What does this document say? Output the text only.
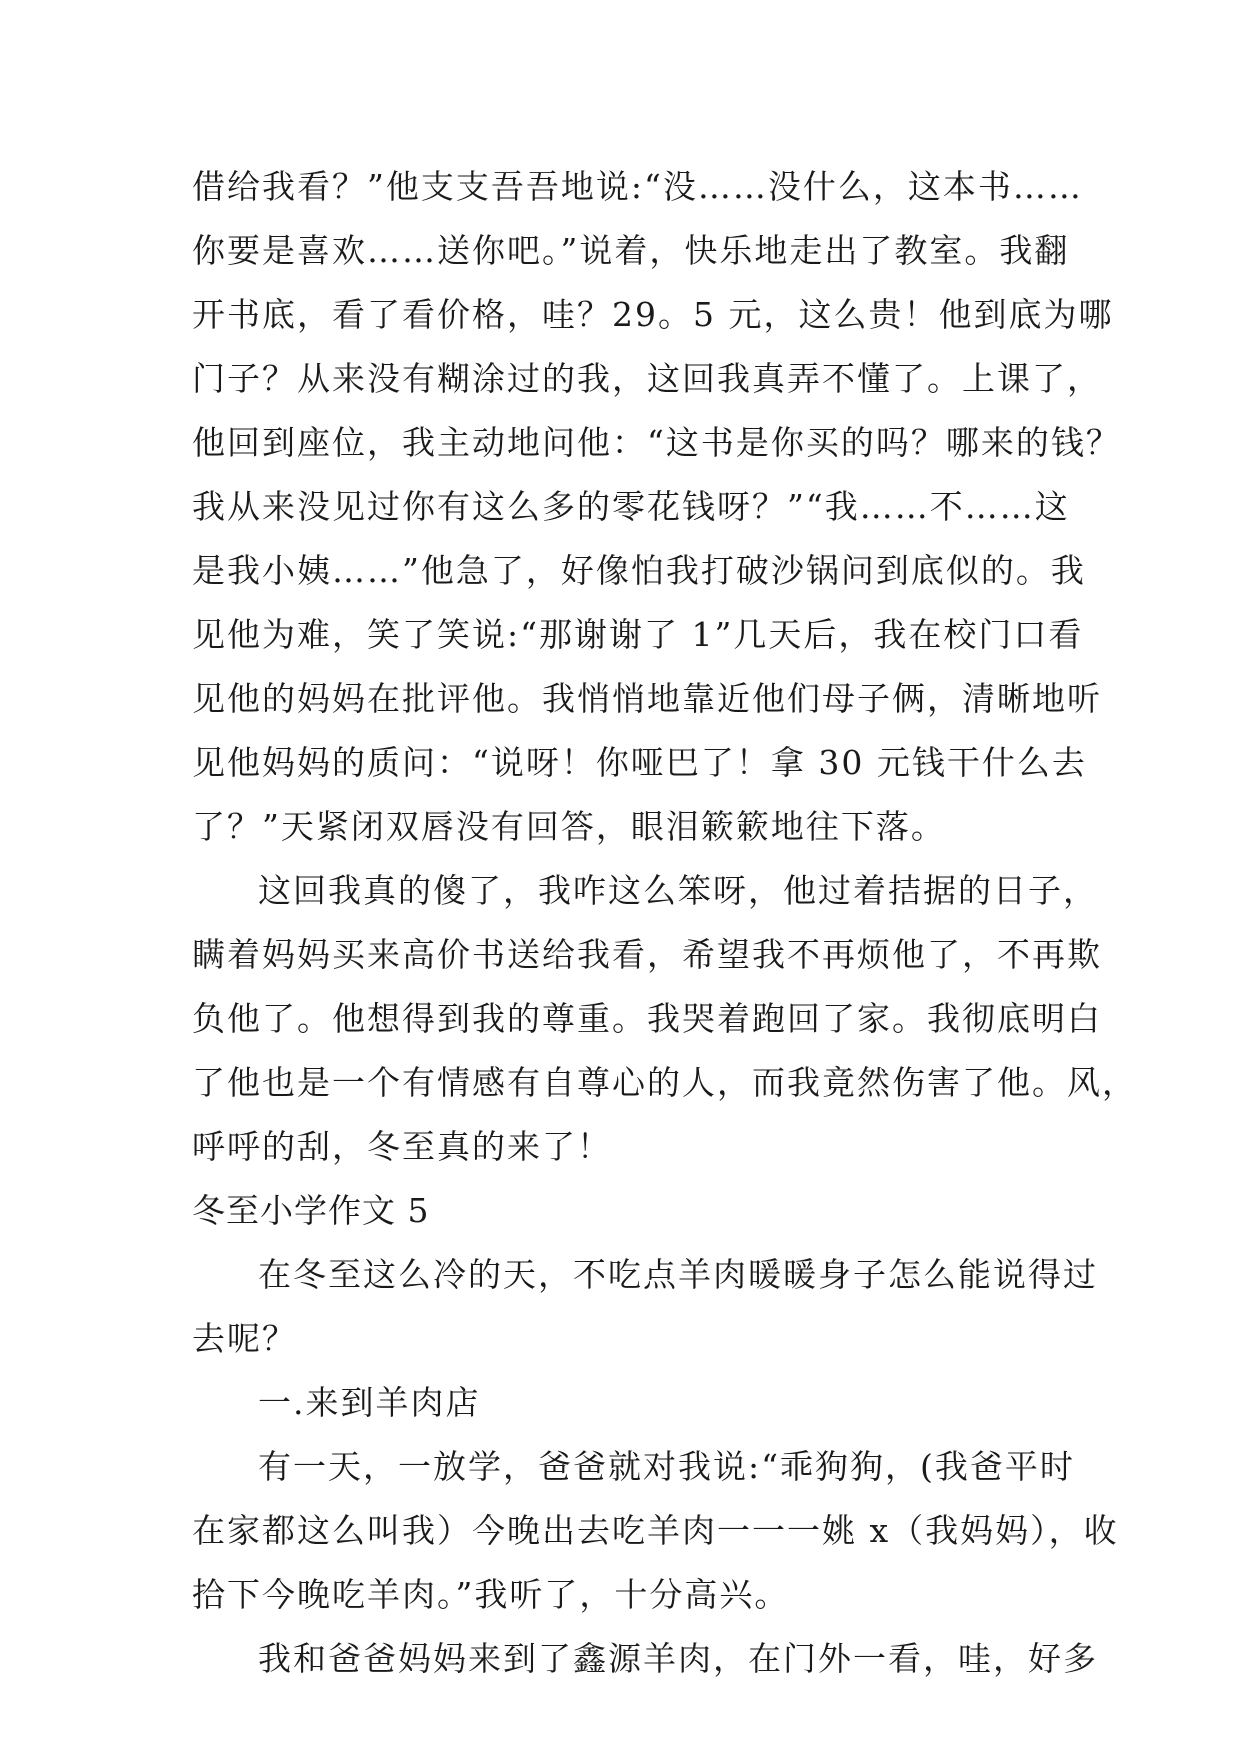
借给我看？”他支支吾吾地说:“没……没什么，这本书……
你要是喜欢……送你吧。”说着，快乐地走出了教室。我翻
开书底，看了看价格，哇？29。5 元，这么贵！他到底为哪
门子？从来没有糊涂过的我，这回我真弄不懂了。上课了，
他回到座位，我主动地问他：“这书是你买的吗？哪来的钱？
我从来没见过你有这么多的零花钱呀？”“我……不……这
是我小姨……”他急了，好像怕我打破沙锅问到底似的。我
见他为难，笑了笑说:“那谢谢了 1”几天后，我在校门口看
见他的妈妈在批评他。我悄悄地靠近他们母子俩，清晰地听
见他妈妈的质问：“说呀！你哑巴了！拿 30 元钱干什么去
了？”天紧闭双唇没有回答，眼泪簌簌地往下落。
这回我真的傻了，我咋这么笨呀，他过着拮据的日子，
瞒着妈妈买来高价书送给我看，希望我不再烦他了，不再欺
负他了。他想得到我的尊重。我哭着跑回了家。我彻底明白
了他也是一个有情感有自尊心的人，而我竟然伤害了他。风，
呼呼的刮，冬至真的来了！
冬至小学作文 5
在冬至这么冷的天，不吃点羊肉暖暖身子怎么能说得过
去呢？
一.来到羊肉店
有一天，一放学，爸爸就对我说:“乖狗狗，(我爸平时
在家都这么叫我）今晚出去吃羊肉一一一姚 x（我妈妈），收
拾下今晚吃羊肉。”我听了，十分高兴。
我和爸爸妈妈来到了鑫源羊肉，在门外一看，哇，好多
